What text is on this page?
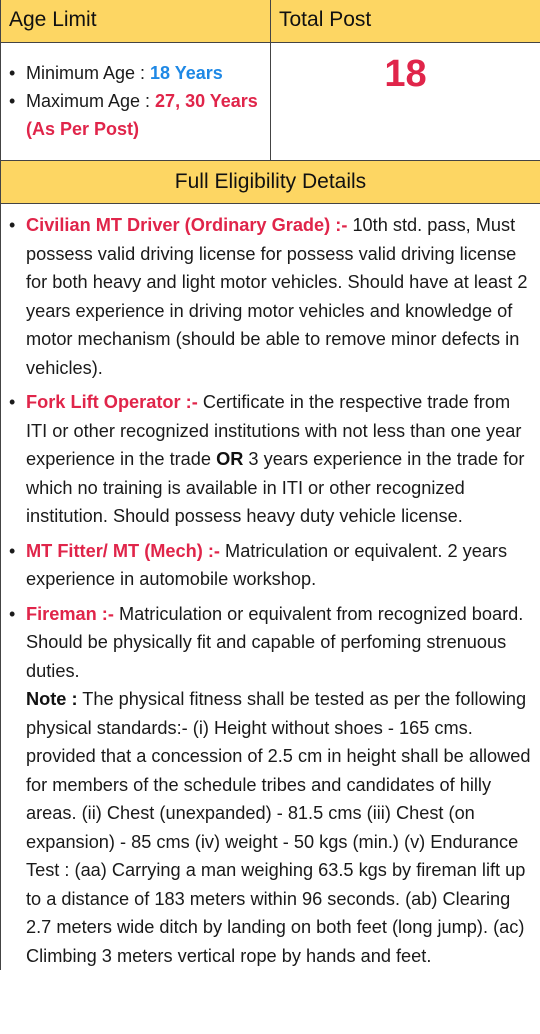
Age Limit
• Minimum Age : 18 Years
• Maximum Age : 27, 30 Years (As Per Post)
Total Post
18
Full Eligibility Details
• Civilian MT Driver (Ordinary Grade) :- 10th std. pass, Must possess valid driving license for possess valid driving license for both heavy and light motor vehicles. Should have at least 2 years experience in driving motor vehicles and knowledge of motor mechanism (should be able to remove minor defects in vehicles).
• Fork Lift Operator :- Certificate in the respective trade from ITI or other recognized institutions with not less than one year experience in the trade OR 3 years experience in the trade for which no training is available in ITI or other recognized institution. Should possess heavy duty vehicle license.
• MT Fitter/ MT (Mech) :- Matriculation or equivalent. 2 years experience in automobile workshop.
• Fireman :- Matriculation or equivalent from recognized board. Should be physically fit and capable of perfoming strenuous duties.
Note : The physical fitness shall be tested as per the following physical standards:- (i) Height without shoes - 165 cms. provided that a concession of 2.5 cm in height shall be allowed for members of the schedule tribes and candidates of hilly areas. (ii) Chest (unexpanded) - 81.5 cms (iii) Chest (on expansion) - 85 cms (iv) weight - 50 kgs (min.) (v) Endurance Test : (aa) Carrying a man weighing 63.5 kgs by fireman lift up to a distance of 183 meters within 96 seconds. (ab) Clearing 2.7 meters wide ditch by landing on both feet (long jump). (ac) Climbing 3 meters vertical rope by hands and feet.
